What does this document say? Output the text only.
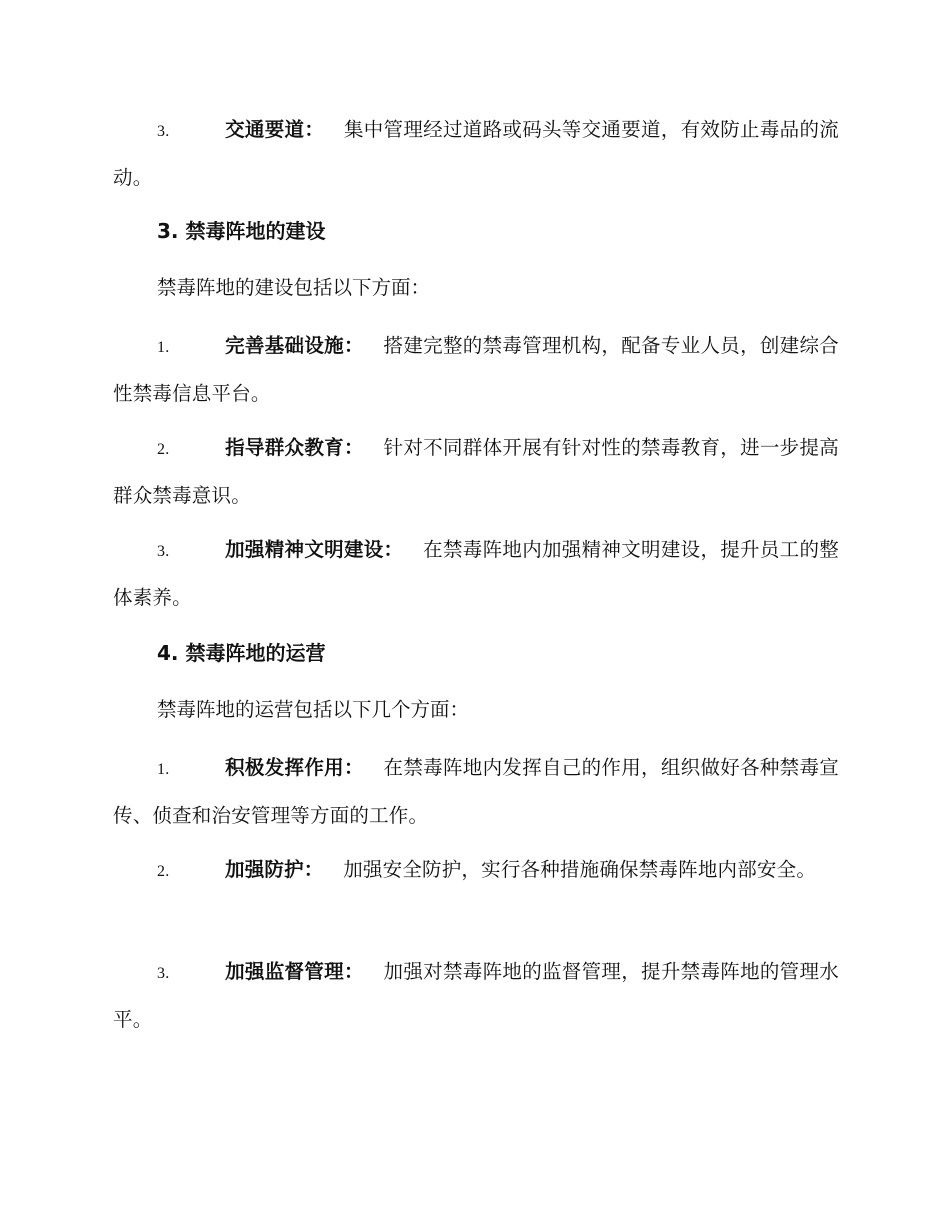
3.	交通要道：  集中管理经过道路或码头等交通要道，有效防止毒品的流动。
3. 禁毒阵地的建设
禁毒阵地的建设包括以下方面：
1.	完善基础设施：  搭建完整的禁毒管理机构，配备专业人员，创建综合性禁毒信息平台。
2.	指导群众教育：  针对不同群体开展有针对性的禁毒教育，进一步提高群众禁毒意识。
3.	加强精神文明建设：  在禁毒阵地内加强精神文明建设，提升员工的整体素养。
4. 禁毒阵地的运营
禁毒阵地的运营包括以下几个方面：
1.	积极发挥作用：  在禁毒阵地内发挥自己的作用，组织做好各种禁毒宣传、侦查和治安管理等方面的工作。
2.	加强防护：  加强安全防护，实行各种措施确保禁毒阵地内部安全。
3.	加强监督管理：  加强对禁毒阵地的监督管理，提升禁毒阵地的管理水平。
